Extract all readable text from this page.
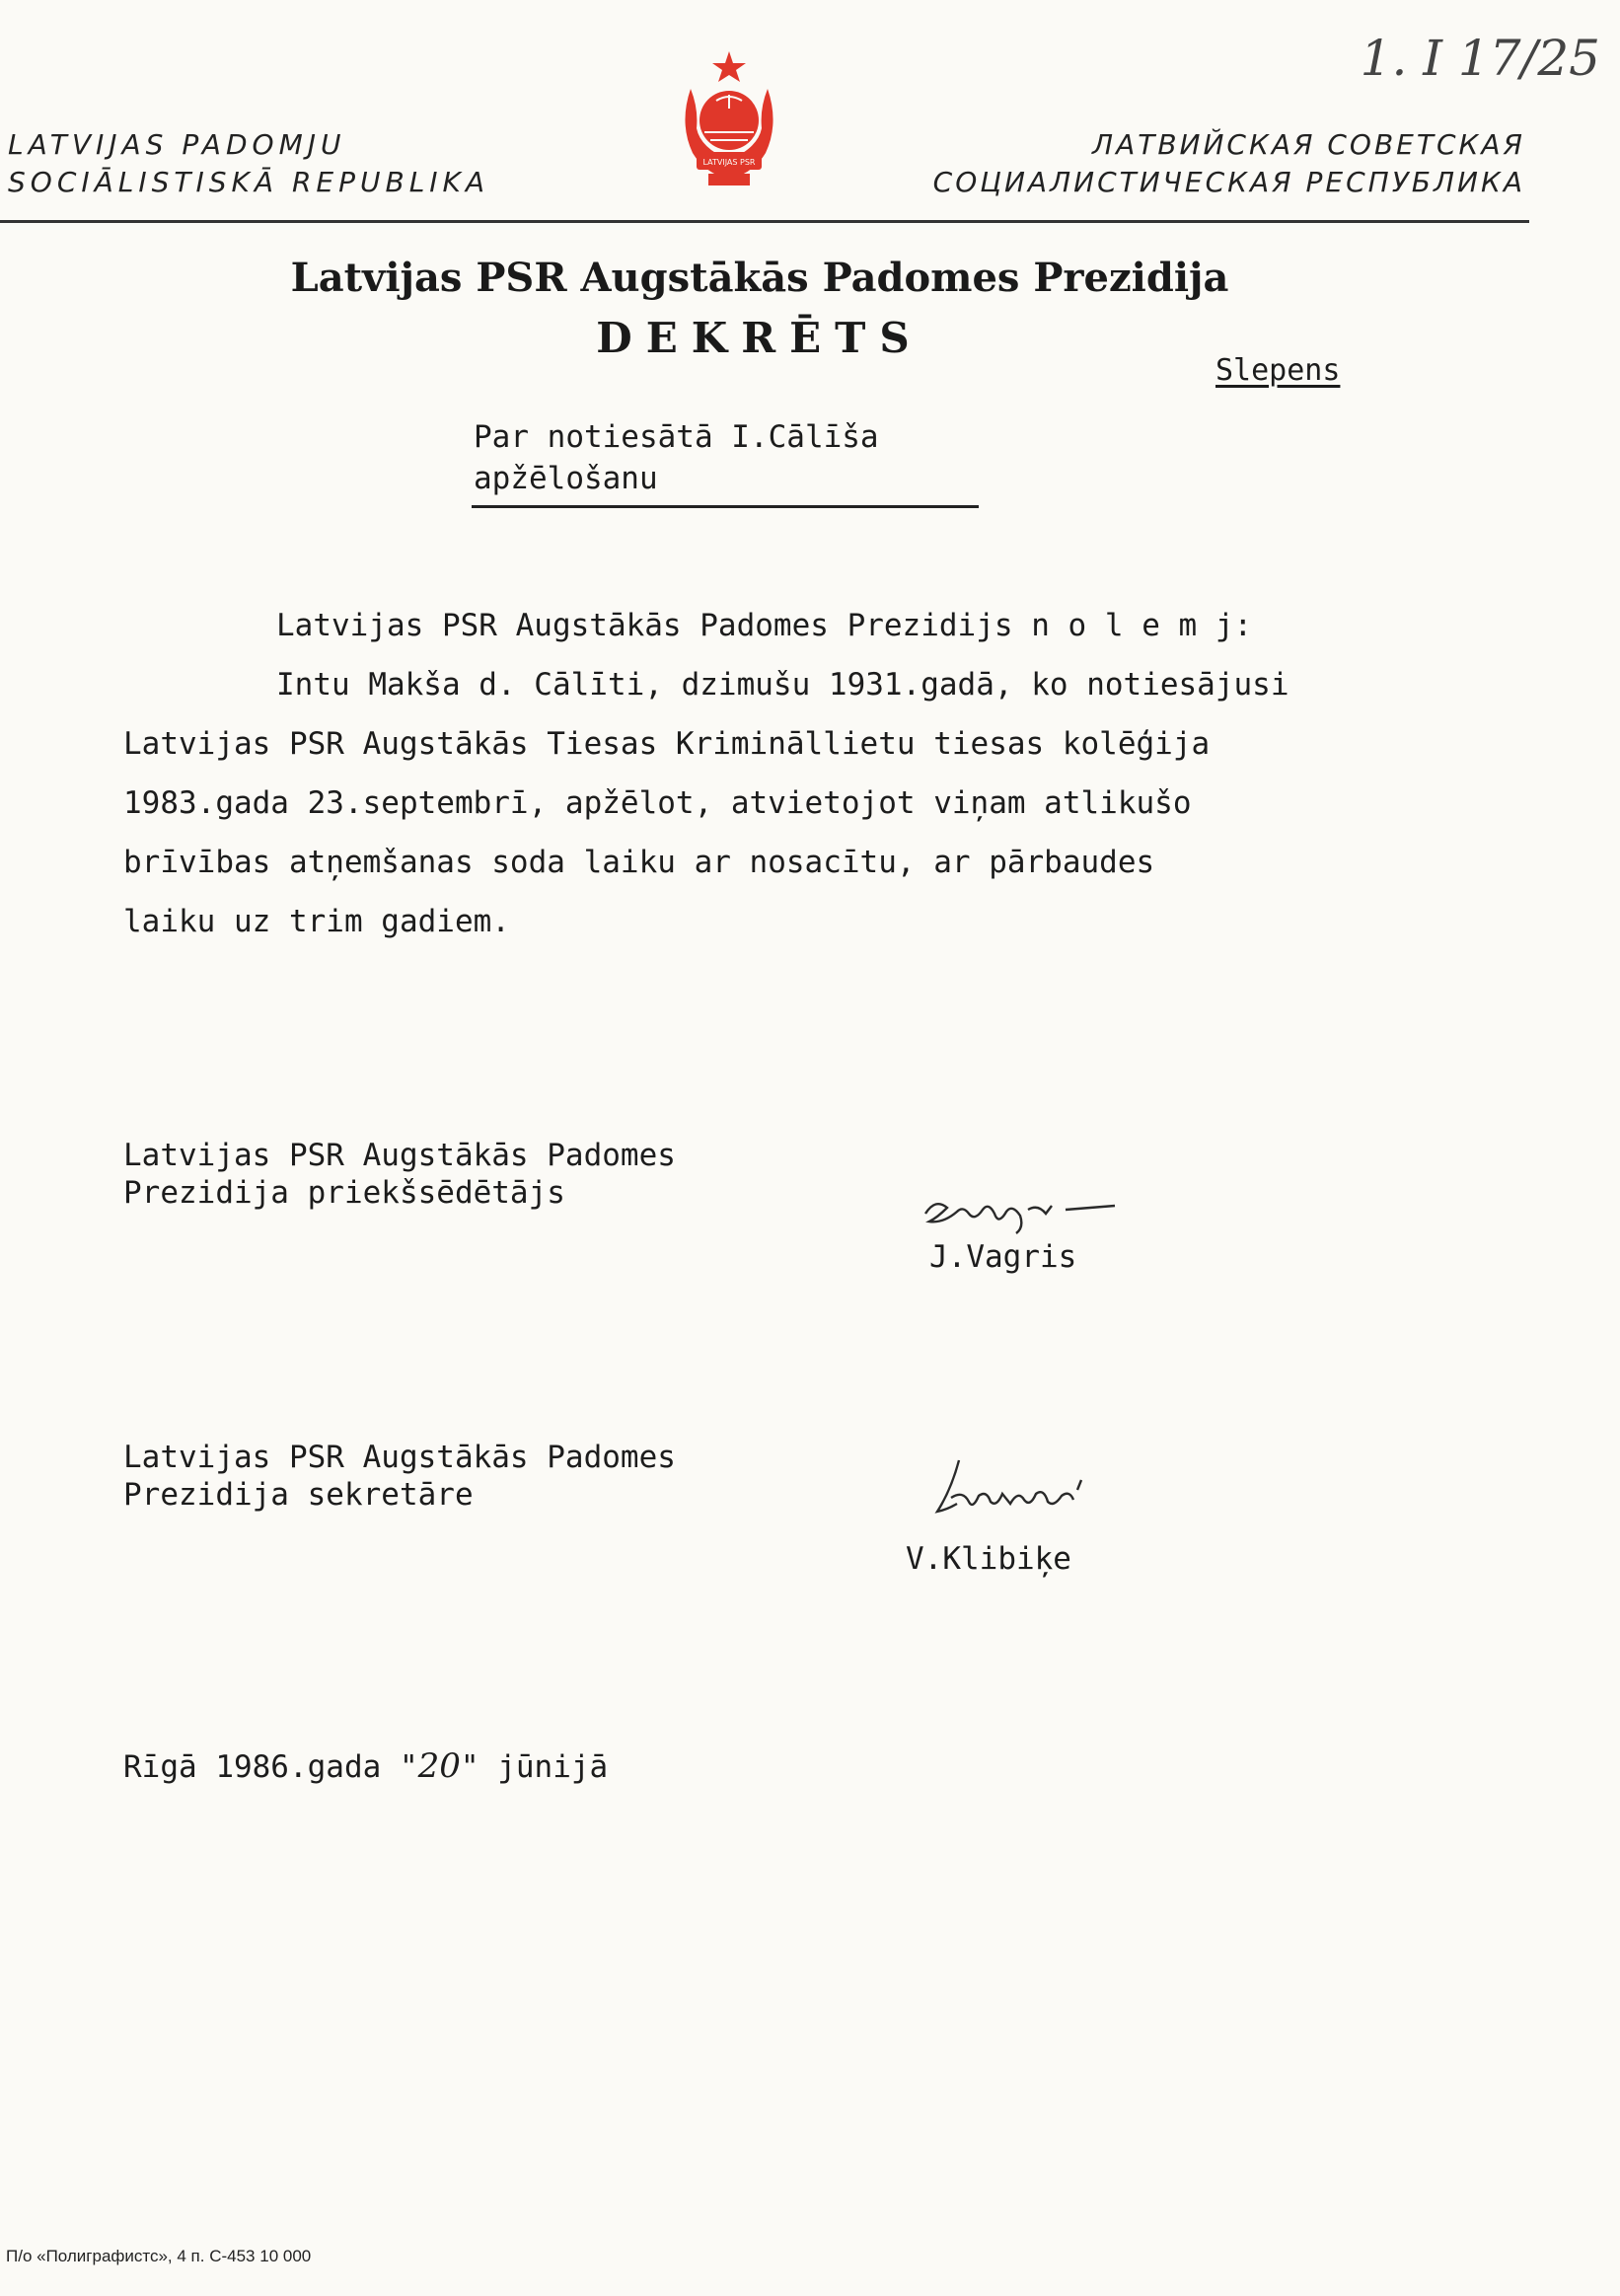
LATVIJAS PADOMJU
SOCIĀLISTISKĀ REPUBLIKA
LATVIJAS PSR
1. I 17/25
ЛАТВИЙСКАЯ СОВЕТСКАЯ
СОЦИАЛИСТИЧЕСКАЯ РЕСПУБЛИКА
Latvijas PSR Augstākās Padomes Prezidija
DEKRĒTS
Slepens
Par notiesātā I.Cālīša
apžēlošanu
Latvijas PSR Augstākās Padomes Prezidijs n o l e m j:
Intu Makša d. Cālīti, dzimušu 1931.gadā, ko notiesājusi
Latvijas PSR Augstākās Tiesas Krimināllietu tiesas kolēģija
1983.gada 23.septembrī, apžēlot, atvietojot viņam atlikušo
brīvības atņemšanas soda laiku ar nosacītu, ar pārbaudes
laiku uz trim gadiem.
Latvijas PSR Augstākās Padomes
Prezidija priekšsēdētājs
J.Vagris
Latvijas PSR Augstākās Padomes
Prezidija sekretāre
V.Klibiķe
Rīgā 1986.gada "20" jūnijā
П/о «Полиграфистс», 4 п. С-453 10 000
